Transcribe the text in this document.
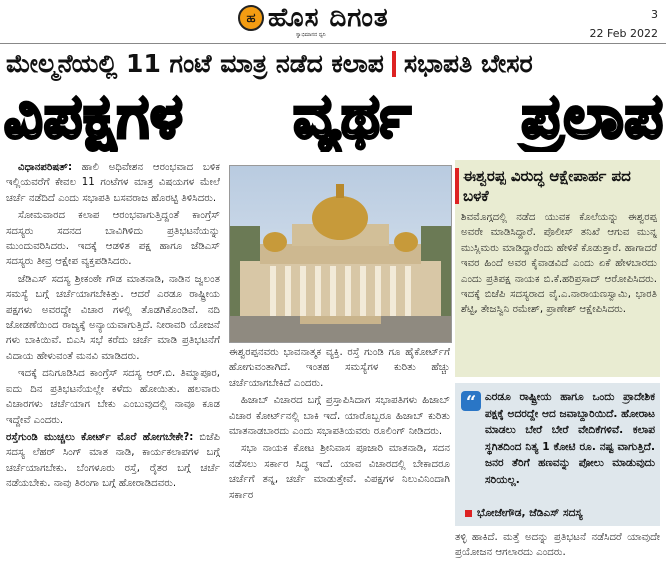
ಹ ಹೊಸ ದಿಗಂತ
ಸ್ವಾಭಿಮಾನದ ಧ್ವನಿ
3
22 Feb 2022
ಮೇಲ್ಮನೆಯಲ್ಲಿ 11 ಗಂಟೆ ಮಾತ್ರ ನಡೆದ ಕಲಾಪ ಸಭಾಪತಿ ಬೇಸರ
ವಿಪಕ್ಷಗಳ ವ್ಯರ್ಥ ಪ್ರಲಾಪ

ವಿಧಾನಪರಿಷತ್: ಹಾಲಿ ಅಧಿವೇಶನ ಆರಂಭವಾದ ಬಳಿಕ ಇಲ್ಲಿಯವರೆಗೆ ಕೇವಲ 11 ಗಂಟೆಗಳ ಮಾತ್ರ ವಿಷಯಗಳ ಮೇಲೆ ಚರ್ಚೆ ನಡೆದಿದೆ ಎಂದು ಸಭಾಪತಿ ಬಸವರಾಜ ಹೊರಟ್ಟಿ ತಿಳಿಸಿದರು.

ಸೋಮವಾರದ ಕಲಾಪ ಆರಂಭವಾಗುತ್ತಿದ್ದಂತೆ ಕಾಂಗ್ರೆಸ್ ಸದಸ್ಯರು ಸದನದ ಬಾವಿಗಿಳಿದು ಪ್ರತಿಭಟನೆಯನ್ನು ಮುಂದುವರಿಸಿದರು. ಇದಕ್ಕೆ ಆಡಳಿತ ಪಕ್ಷ ಹಾಗೂ ಜೆಡಿಎಸ್ ಸದಸ್ಯರು ತೀವ್ರ ಆಕ್ಷೇಪ ವ್ಯಕ್ತಪಡಿಸಿದರು.

ಜೆಡಿಎಸ್ ಸದಸ್ಯ ಶ್ರೀಕಂಠೇ ಗೌಡ ಮಾತನಾಡಿ, ನಾಡಿನ ಜ್ವಲಂತ ಸಮಸ್ಯೆ ಬಗ್ಗೆ ಚರ್ಚೆಯಾಗಬೇಕಿತ್ತು. ಆದರೆ ಎರಡೂ ರಾಷ್ಟ್ರೀಯ ಪಕ್ಷಗಳು ಅವರದ್ದೇ ವಿಚಾರ ಗಳಲ್ಲಿ ತೊಡಗಿಕೊಂಡಿವೆ. ನದಿ ಜೋಡಣೆಯಿಂದ ರಾಜ್ಯಕ್ಕೆ ಅನ್ಯಾಯವಾಗುತ್ತಿದೆ. ನೀರಾವರಿ ಯೋಜನೆ ಗಳು ಬಾಕಿಯಿವೆ. ಬಿಎಸಿ ಸಭೆ ಕರೆದು ಚರ್ಚೆ ಮಾಡಿ ಪ್ರತಿಭಟನೆಗೆ ವಿದಾಯ ಹೇಳುವಂತೆ ಮನವಿ ಮಾಡಿದರು.

ಇದಕ್ಕೆ ದನಿಗೂಡಿಸಿದ ಕಾಂಗ್ರೆಸ್ ಸದಸ್ಯ ಆರ್.ಬಿ. ತಿಮ್ಮಾಪೂರ, ಐದು ದಿನ ಪ್ರತಿಭಟನೆಯಲ್ಲೇ ಕಳೆದು ಹೋಯಿತು. ಹಲವಾರು ವಿಚಾರಗಳು ಚರ್ಚೆಯಾಗ ಬೇಕು ಎಂಬುವುದಲ್ಲಿ ನಾವೂ ಕೂಡ ಇದ್ದೇವೆ ಎಂದರು.

ರಸ್ತೆಗುಂಡಿ ಮುಚ್ಚಲು ಕೋರ್ಟ್ ಮೊರೆ ಹೋಗಬೇಕೇ?: ಬಿಜೆಪಿ ಸದಸ್ಯ ಲೆಹರ್ ಸಿಂಗ್ ಮಾತ ನಾಡಿ, ಕಾರ್ಯಕಲಾಪಗಳ ಬಗ್ಗೆ ಚರ್ಚೆಯಾಗಬೇಕು. ಬೆಂಗಳೂರು ರಸ್ತೆ, ರೈತರ ಬಗ್ಗೆ ಚರ್ಚೆ ನಡೆಯಬೇಕು. ನಾವು ತಿರಂಗಾ ಬಗ್ಗೆ ಹೋರಾಡಿದವರು.

ಈಶ್ವರಪ್ಪನವರು ಭಾವನಾತ್ಮಕ ವ್ಯಕ್ತಿ. ರಸ್ತೆ ಗುಂಡಿ ಗೂ ಹೈಕೋರ್ಟ್‌ಗೆ ಹೋಗುವಂತಾಗಿದೆ. ಇಂತಹ ಸಮಸ್ಯೆಗಳ ಕುರಿತು ಹೆಚ್ಚು ಚರ್ಚೆಯಾಗಬೇಕಿದೆ ಎಂದರು.

ಹಿಜಾಬ್ ವಿಚಾರದ ಬಗ್ಗೆ ಪ್ರಸ್ತಾಪಿಸಿದಾಗ ಸಭಾಪತಿಗಳು ಹಿಜಾಬ್ ವಿಚಾರ ಕೋರ್ಟ್‌ನಲ್ಲಿ ಬಾಕಿ ಇದೆ. ಯಾರೊಬ್ಬರೂ ಹಿಜಾಬ್ ಕುರಿತು ಮಾತನಾಡಬಾರದು ಎಂದು ಸಭಾಪತಿಯವರು ರೂಲಿಂಗ್ ನೀಡಿದರು.

ಸಭಾ ನಾಯಕ ಕೋಟ ಶ್ರೀನಿವಾಸ ಪೂಜಾರಿ ಮಾತನಾಡಿ, ಸದನ ನಡೆಸಲು ಸರ್ಕಾರ ಸಿದ್ಧ ಇದೆ. ಯಾವ ವಿಚಾರದಲ್ಲಿ ಬೇಕಾದರೂ ಚರ್ಚೆಗೆ ತನ್ನ, ಚರ್ಚೆ ಮಾಡುತ್ತೇವೆ. ವಿಪಕ್ಷಗಳ ನಿಲುವಿನಿಂದಾಗಿ ಸರ್ಕಾರ

ಈಶ್ವರಪ್ಪ ವಿರುದ್ಧ ಆಕ್ಷೇಪಾರ್ಹ ಪದ ಬಳಕೆ
ಶಿವಮೊಗ್ಗದಲ್ಲಿ ನಡೆದ ಯುವಕ ಕೊಲೆಯನ್ನು ಈಶ್ವರಪ್ಪ ಅವರೇ ಮಾಡಿಸಿದ್ದಾರೆ. ಪೊಲೀಸ್ ತನಿಖೆ ಆಗುವ ಮುನ್ನ ಮುಸ್ಲಿಮರು ಮಾಡಿದ್ದಾರೆಂದು ಹೇಳಿಕೆ ಕೊಡುತ್ತಾರೆ. ಹಾಗಾದರೆ ಇವರ ಹಿಂದೆ ಅವರ ಕೈವಾಡವಿದೆ ಎಂದು ಏಕೆ ಹೇಳಬಾರದು ಎಂದು ಪ್ರತಿಪಕ್ಷ ನಾಯಕ ಬಿ.ಕೆ.ಹರಿಪ್ರಸಾದ್ ಆರೋಪಿಸಿದರು. ಇದಕ್ಕೆ ಬಿಜೆಪಿ ಸದಸ್ಯರಾದ ವೈ.ಎ.ನಾರಾಯಣಸ್ವಾಮಿ, ಭಾರತಿ ಶೆಟ್ಟಿ, ತೇಜಸ್ವಿನಿ ರಮೇಶ್, ಪ್ರಾಣೇಶ್ ಆಕ್ಷೇಪಿಸಿದರು.
“ ಎರಡೂ ರಾಷ್ಟ್ರೀಯ ಹಾಗೂ ಒಂದು ಪ್ರಾದೇಶಿಕ ಪಕ್ಷಕ್ಕೆ ಅದರದ್ದೇ ಆದ ಜವಾಬ್ದಾರಿಯಿದೆ. ಹೋರಾಟ ಮಾಡಲು ಬೇರೆ ಬೇರೆ ವೇದಿಕೆಗಳಿವೆ. ಕಲಾಪ ಸ್ಥಗಿತದಿಂದ ನಿತ್ಯ 1 ಕೋಟಿ ರೂ. ನಷ್ಟ ವಾಗುತ್ತಿದೆ. ಜನರ ತೆರಿಗೆ ಹಣವನ್ನು ಪೋಲು ಮಾಡುವುದು ಸರಿಯಲ್ಲ.
ಭೋಜೇಗೌಡ, ಜೆಡಿಎಸ್ ಸದಸ್ಯ
ತಳ್ಳಿ ಹಾಕಿದೆ. ಮತ್ತೆ ಅದನ್ನು ಪ್ರತಿಭಟನೆ ನಡೆಸಿದರೆ ಯಾವುದೇ ಪ್ರಯೋಜನ ಆಗಲಾರದು ಎಂದರು.
